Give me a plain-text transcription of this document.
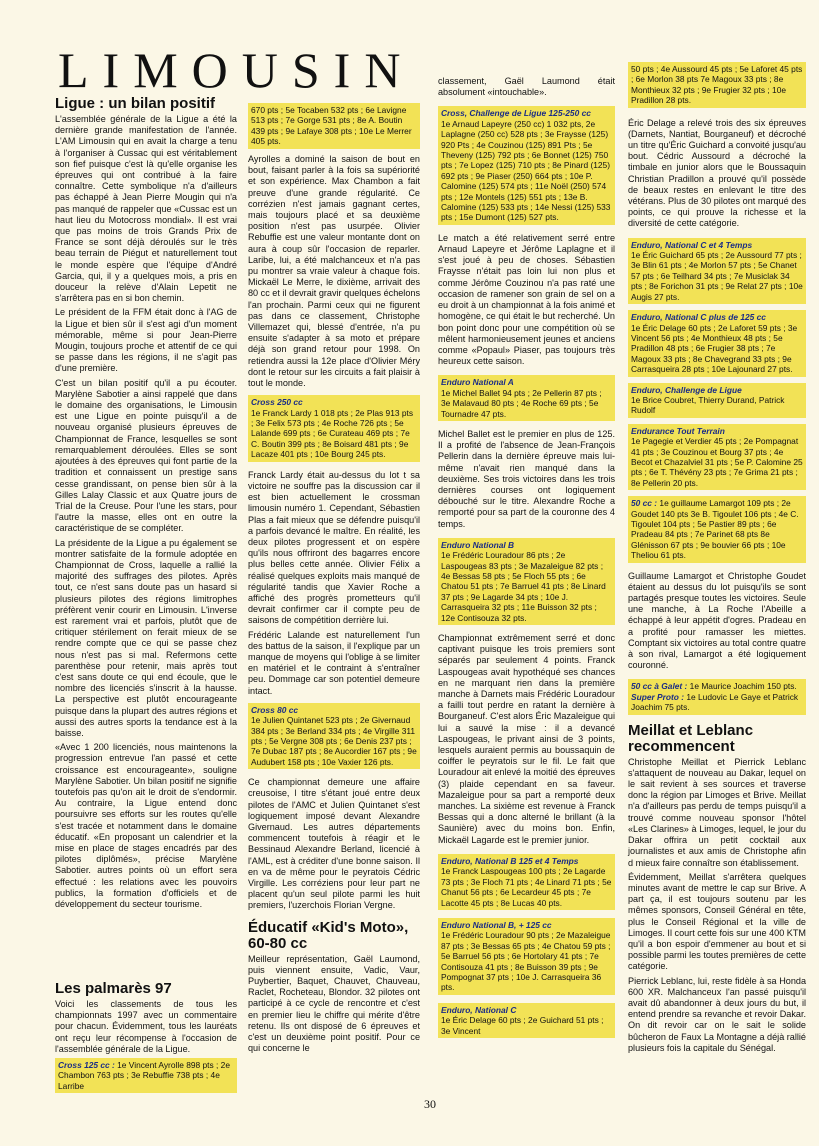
LIMOUSIN
Ligue : un bilan positif

L'assemblée générale de la Ligue a été la dernière grande manifestation de l'année. L'AM Limousin qui en avait la charge a tenu à l'organiser à Cussac qui est véritablement son fief puisque c'est là qu'elle organise les épreuves qui ont contribué à la faire connaître. Cette symbolique n'a d'ailleurs pas échappé à Jean Pierre Mougin qui n'a pas manqué de rappeler que «Cussac est un haut lieu du Motocross mondial». Il est vrai que pas moins de trois Grands Prix de France se sont déjà déroulés sur le très beau terrain de Piégut et naturellement tout le monde espère que l'équipe d'André Garcia, qui, il y a quelques mois, a pris en douceur la relève d'Alain Lepetit ne s'arrêtera pas en si bon chemin.

Le président de la FFM était donc à l'AG de la Ligue et bien sûr il s'est agi d'un moment mémorable, même si pour Jean-Pierre Mougin, toujours proche et attentif de ce qui se passe dans les régions, il ne s'agit pas d'une première.

C'est un bilan positif qu'il a pu écouter. Marylène Sabotier a ainsi rappelé que dans le domaine des organisations, le Limousin est une Ligue en pointe puisqu'il a de nouveau organisé plusieurs épreuves de Championnat de France, lesquelles se sont remarquablement déroulées. Elles se sont ajoutées à des épreuves qui font partie de la tradition et connaissent un prestige sans cesse grandissant, on pense bien sûr à la Gilles Lalay Classic et aux Quatre jours de Trial de la Creuse. Pour l'une les stars, pour l'autre la masse, elles ont en outre la caractéristique de se compléter.

La présidente de la Ligue a pu également se montrer satisfaite de la formule adoptée en Championnat de Cross, laquelle a rallié la majorité des suffrages des pilotes. Après tout, ce n'est sans doute pas un hasard si plusieurs pilotes des régions limitrophes préfèrent venir courir en Limousin. L'inverse est rarement vrai et parfois, plutôt que de critiquer stérilement on ferait mieux de se rendre compte que ce qui se passe chez nous n'est pas si mal. Refermons cette parenthèse pour retenir, mais après tout c'est sans doute ce qui end écoule, que le nombre des licenciés s'inscrit à la hausse. La perspective est plutôt encourageante puisque dans la plupart des autres régions et aussi des autres sports la tendance est à la baisse.

«Avec 1 200 licenciés, nous maintenons la progression entrevue l'an passé et cette croissance est encourageante», souligne Marylène Sabotier. Un bilan positif ne signifie toutefois pas qu'on ait le droit de s'endormir. Au contraire, la Ligue entend donc poursuivre ses efforts sur les routes qu'elle s'est tracée et notamment dans le domaine éducatif. «En proposant un calendrier et la mise en place de stages encadrés par des pilotes diplômés», précise Marylène Sabotier. autres points où un effort sera effectué : les relations avec les pouvoirs publics, la formation d'officiels et de développement du secteur tourisme.

Les palmarès 97

Voici les classements de tous les championnats 1997 avec un commentaire pour chacun. Évidemment, tous les lauréats ont reçu leur récompense à l'occasion de l'assemblée générale de la Ligue.

Cross 125 cc : 1e Vincent Ayrolle 898 pts ; 2e Chambon 763 pts ; 3e Rebuffie 738 pts ; 4e Larribe
670 pts ; 5e Tocaben 532 pts ; 6e Lavigne 513 pts ; 7e Gorge 531 pts ; 8e A. Boutin 439 pts ; 9e Lafaye 308 pts ; 10e Le Merrer 405 pts.

Ayrolles a dominé la saison de bout en bout, faisant parler à la fois sa supériorité et son expérience. Max Chambon a fait preuve d'une grande régularité. Ce corrézien n'est jamais gagnant certes, mais toujours placé et sa deuxième position n'est pas usurpée. Olivier Rebuffie est une valeur montante dont on aura à coup sûr l'occasion de reparler. Laribe, lui, a été malchanceux et n'a pas pu montrer sa vraie valeur à chaque fois. Mickaël Le Merre, le dixième, arrivait des 80 cc et il devrait gravir quelques échelons l'an prochain. Parmi ceux qui ne figurent pas dans ce classement, Christophe Villemazet qui, blessé d'entrée, n'a pu ensuite s'adapter à sa moto et prépare déjà son grand retour pour 1998. On retiendra aussi la 12e place d'Olivier Méry dont le retour sur les circuits a fait plaisir à tout le monde.

Cross 250 cc
1e Franck Lardy 1 018 pts ; 2e Plas 913 pts ; 3e Felix 573 pts ; 4e Roche 726 pts ; 5e Lalande 699 pts ; 6e Curateau 469 pts ; 7e C. Boutin 399 pts ; 8e Boisard 481 pts ; 9e Lacaze 401 pts ; 10e Bourg 245 pts.

Franck Lardy était au-dessus du lot t sa victoire ne souffre pas la discussion car il est bien actuellement le crossman limousin numéro 1. Cependant, Sébastien Plas a fait mieux que se défendre puisqu'il a parfois devancé le maître. En réalité, les deux pilotes progressent et on espère qu'ils nous offriront des bagarres encore plus belles cette année. Olivier Félix a réalisé quelques exploits mais manqué de régularité tandis que Xavier Roche a affiché des progrès prometteurs qu'il devrait confirmer car il compte peu de saisons de compétition derrière lui.

Frédéric Lalande est naturellement l'un des battus de la saison, il l'explique par un manque de moyens qui l'oblige à se limiter en matériel et le contraint à s'entraîner peu. Dommage car son potentiel demeure intact.

Cross 80 cc
1e Julien Quintanet 523 pts ; 2e Givernaud 384 pts ; 3e Berland 334 pts ; 4e Virgille 311 pts ; 5e Vergne 308 pts ; 6e Denis 237 pts ; 7e Dubac 187 pts ; 8e Aucordier 167 pts ; 9e Audubert 158 pts ; 10e Vaxier 126 pts.

Ce championnat demeure une affaire creusoise, l titre s'étant joué entre deux pilotes de l'AMC et Julien Quintanet s'est logiquement imposé devant Alexandre Givernaud. Les autres départements commencent toutefois à réagir et le Bessinaud Alexandre Berland, licencié à l'AML, est à créditer d'une bonne saison. Il en va de même pour le peyratois Cédric Virgille. Les corréziens pour leur part ne placent qu'un seul pilote parmi les huit premiers, l'uzerchois Florian Vergne.

Éducatif «Kid's Moto», 60-80 cc

Meilleur représentation, Gaël Laumond, puis viennent ensuite, Vadic, Vaur, Puybertier, Baquet, Chauvet, Chauveau, Raclet, Rocheteau, Blondor. 32 pilotes ont participé à ce cycle de rencontre et c'est en premier lieu le chiffre qui mérite d'être retenu. Ils ont disposé de 6 épreuves et c'est un deuxième point positif. Pour ce qui concerne le

classement, Gaël Laumond était absolument «intouchable».

Cross, Challenge de Ligue 125-250 cc
1e Arnaud Lapeyre (250 cc) 1 032 pts, 2e Laplagne (250 cc) 528 pts ; 3e Fraysse (125) 920 Pts ; 4e Couzinou (125) 891 Pts ; 5e Theveny (125) 792 pts ; 6e Bonnet (125) 750 pts ; 7e Lopez (125) 710 pts ; 8e Pinard (125) 692 pts ; 9e Piaser (250) 664 pts ; 10e P. Calomine (125) 574 pts ; 11e Noël (250) 574 pts ; 12e Montels (125) 551 pts ; 13e B. Calomine (125) 533 pts ; 14e Nessi (125) 533 pts ; 15e Dumont (125) 527 pts.

Le match a été relativement serré entre Arnaud Lapeyre et Jérôme Laplagne et il s'est joué à peu de choses. Sébastien Fraysse n'était pas loin lui non plus et comme Jérôme Couzinou n'a pas raté une occasion de ramener son grain de sel on a eu droit à un championnat à la fois animé et homogène, ce qui était le but recherché. Un bon point donc pour une compétition où se mêlent harmonieusement jeunes et anciens comme «Popaul» Piaser, pas toujours très heureux cette saison.

Enduro National A
1e Michel Ballet 94 pts ; 2e Pellerin 87 pts ; 3e Malavaud 80 pts ; 4e Roche 69 pts ; 5e Tournadre 47 pts.

Michel Ballet est le premier en plus de 125. Il a profité de l'absence de Jean-François Pellerin dans la dernière épreuve mais lui-même n'avait rien manqué dans la deuxième. Ses trois victoires dans les trois dernières courses ont logiquement débouché sur le titre. Alexandre Roche a remporté pour sa part de la couronne des 4 temps.

Enduro National B
1e Frédéric Louradour 86 pts ; 2e Laspougeas 83 pts ; 3e Mazaleigue 82 pts ; 4e Bessas 58 pts ; 5e Floch 55 pts ; 6e Chatou 51 pts ; 7e Barruel 41 pts ; 8e Linard 37 pts ; 9e Lagarde 34 pts ; 10e J. Carrasqueira 32 pts ; 11e Buisson 32 pts ; 12e Contisouza 32 pts.

Championnat extrêmement serré et donc captivant puisque les trois premiers sont séparés par seulement 4 points. Franck Laspougeas avait hypothéqué ses chances en ne marquant rien dans la première manche à Darnets mais Frédéric Louradour a failli tout perdre en ratant la dernière à Bourganeuf. C'est alors Éric Mazaleigue qui lui a sauvé la mise : il a devancé Laspougeas, le privant ainsi de 3 points, lesquels auraient permis au boussaquin de coiffer le peyratois sur le fil. Le fait que Louradour ait enlevé la moitié des épreuves (3) plaide cependant en sa faveur. Mazaleigue pour sa part a remporté deux manches. La sixième est revenue à Franck Bessas qui a donc alterné le brillant (à la Saunière) avec du moins bon. Enfin, Mickaël Lagarde est le premier junior.

Enduro, National B 125 et 4 Temps
1e Franck Laspougeas 100 pts ; 2e Lagarde 73 pts ; 3e Floch 71 pts ; 4e Linard 71 pts ; 5e Chanut 56 pts ; 6e Lecardeur 45 pts ; 7e Lacotte 45 pts ; 8e Lucas 40 pts.
Enduro National B, + 125 cc
1e Frédéric Louradour 90 pts ; 2e Mazaleigue 87 pts ; 3e Bessas 65 pts ; 4e Chatou 59 pts ; 5e Barruel 56 pts ; 6e Hortolary 41 pts ; 7e Contisouza 41 pts ; 8e Buisson 39 pts ; 9e Pompognat 37 pts ; 10e J. Carrasqueira 36 pts.
Enduro, National C
1e Éric Delage 60 pts ; 2e Guichard 51 pts ; 3e Vincent
50 pts ; 4e Aussourd 45 pts ; 5e Laforet 45 pts ; 6e Morlon 38 pts 7e Magoux 33 pts ; 8e Monthieux 32 pts ; 9e Frugier 32 pts ; 10e Pradillon 28 pts.

Éric Delage a relevé trois des six épreuves (Darnets, Nantiat, Bourganeuf) et décroché un titre qu'Éric Guichard a convoité jusqu'au bout. Cédric Aussourd a décroché la timbale en junior alors que le Boussaquin Christian Pradillon a prouvé qu'il possède de beaux restes en enlevant le titre des vétérans. Plus de 30 pilotes ont marqué des points, ce qui prouve la richesse et la diversité de cette catégorie.

Enduro, National C et 4 Temps
1e Éric Guichard 65 pts ; 2e Aussourd 77 pts ; 3e Blin 61 pts ; 4e Morlon 57 pts ; 5e Chanet 57 pts ; 6e Teilhard 34 pts ; 7e Musiclak 34 pts ; 8e Forichon 31 pts ; 9e Relat 27 pts ; 10e Augis 27 pts.
Enduro, National C plus de 125 cc
1e Éric Delage 60 pts ; 2e Laforet 59 pts ; 3e Vincent 56 pts ; 4e Monthieux 48 pts ; 5e Pradillon 48 pts ; 6e Frugier 38 pts ; 7e Magoux 33 pts ; 8e Chavegrand 33 pts ; 9e Carrasqueira 28 pts ; 10e Lajounard 27 pts.
Enduro, Challenge de Ligue
1e Brice Coubret, Thierry Durand, Patrick Rudolf
Endurance Tout Terrain
1e Pagegie et Verdier 45 pts ; 2e Pompagnat 41 pts ; 3e Couzinou et Bourg 37 pts ; 4e Becot et Chazalviel 31 pts ; 5e P. Calomine 25 pts ; 6e T. Thévény 23 pts ; 7e Grima 21 pts ; 8e Pellerin 20 pts.
50 cc : 1e guillaume Lamargot 109 pts ; 2e Goudet 140 pts 3e B. Tigoulet 106 pts ; 4e C. Tigoulet 104 pts ; 5e Pastier 89 pts ; 6e Pradeau 84 pts ; 7e Parinet 68 pts 8e Glénisson 67 pts ; 9e bouvier 66 pts ; 10e Theliou 61 pts.

Guillaume Lamargot et Christophe Goudet étaient au dessus du lot puisqu'ils se sont partagés presque toutes les victoires. Seule une manche, à La Roche l'Abeille a échappé à leur appétit d'ogres. Pradeau en a profité pour ramasser les miettes. Comptant six victoires au total contre quatre à son rival, Lamargot a été logiquement couronné.

50 cc à Galet : 1e Maurice Joachim 150 pts.
Super Proto : 1e Ludovic Le Gaye et Patrick Joachim 75 pts.
Meillat et Leblanc recommencent

Christophe Meillat et Pierrick Leblanc s'attaquent de nouveau au Dakar, lequel on le sait revient à ses sources et traverse donc la région par Limoges et Brive. Meillat n'a d'ailleurs pas perdu de temps puisqu'il a trouvé comme nouveau sponsor l'hôtel «Les Clarines» à Limoges, lequel, le jour du Dakar offrira un petit cocktail aux journalistes et aux amis de Christophe afin d mieux faire connaître son établissement.

Évidemment, Meillat s'arrêtera quelques minutes avant de mettre le cap sur Brive. A part ça, il est toujours soutenu par les mêmes sponsors, Conseil Général en tête, plus le Conseil Régional et la ville de Limoges. Il court cette fois sur une 400 KTM qu'il a bon espoir d'emmener au bout et si possible parmi les toutes premières de cette catégorie.

Pierrick Leblanc, lui, reste fidèle à sa Honda 600 XR. Malchanceux l'an passé puisqu'il avait dû abandonner à deux jours du but, il entend prendre sa revanche et revoir Dakar. On dit revoir car on le sait le solide bûcheron de Faux La Montagne a déjà rallié plusieurs fois la capitale du Sénégal.

30
